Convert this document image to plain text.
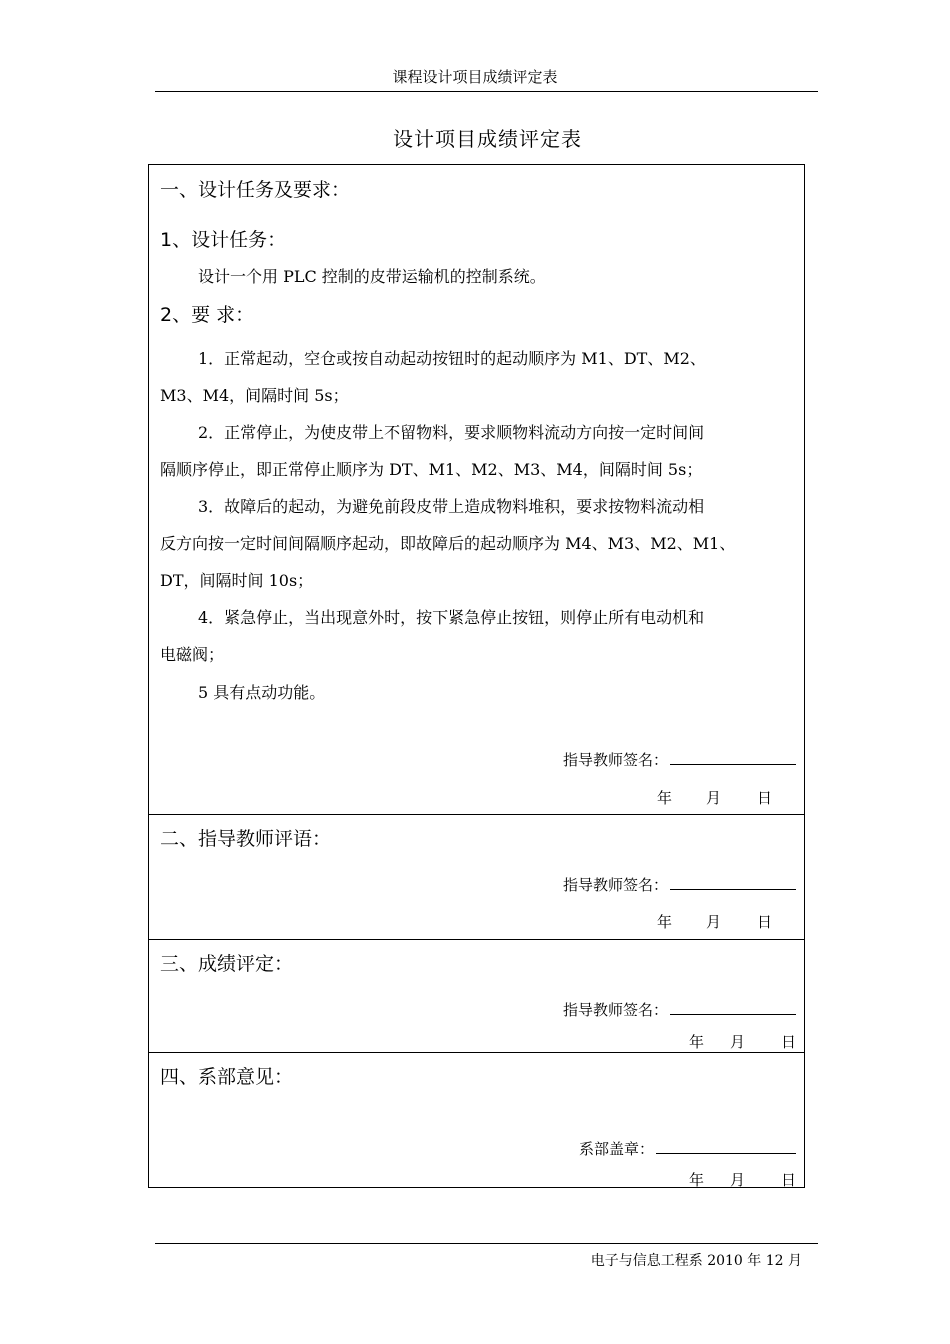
课程设计项目成绩评定表
设计项目成绩评定表
一、设计任务及要求：
1、设计任务：
设计一个用 PLC 控制的皮带运输机的控制系统。
2、要 求：
1．正常起动，空仓或按自动起动按钮时的起动顺序为 M1、DT、M2、
M3、M4，间隔时间 5s；
2．正常停止，为使皮带上不留物料，要求顺物料流动方向按一定时间间
隔顺序停止，即正常停止顺序为 DT、M1、M2、M3、M4，间隔时间 5s；
3．故障后的起动，为避免前段皮带上造成物料堆积，要求按物料流动相
反方向按一定时间间隔顺序起动，即故障后的起动顺序为 M4、M3、M2、M1、
DT，间隔时间 10s；
4．紧急停止，当出现意外时，按下紧急停止按钮，则停止所有电动机和
电磁阀；
5 具有点动功能。
指导教师签名：
年 月 日
二、指导教师评语：
指导教师签名：
年 月 日
三、成绩评定：
指导教师签名：
年 月 日
四、系部意见：
系部盖章：
年 月 日
电子与信息工程系 2010 年 12 月
